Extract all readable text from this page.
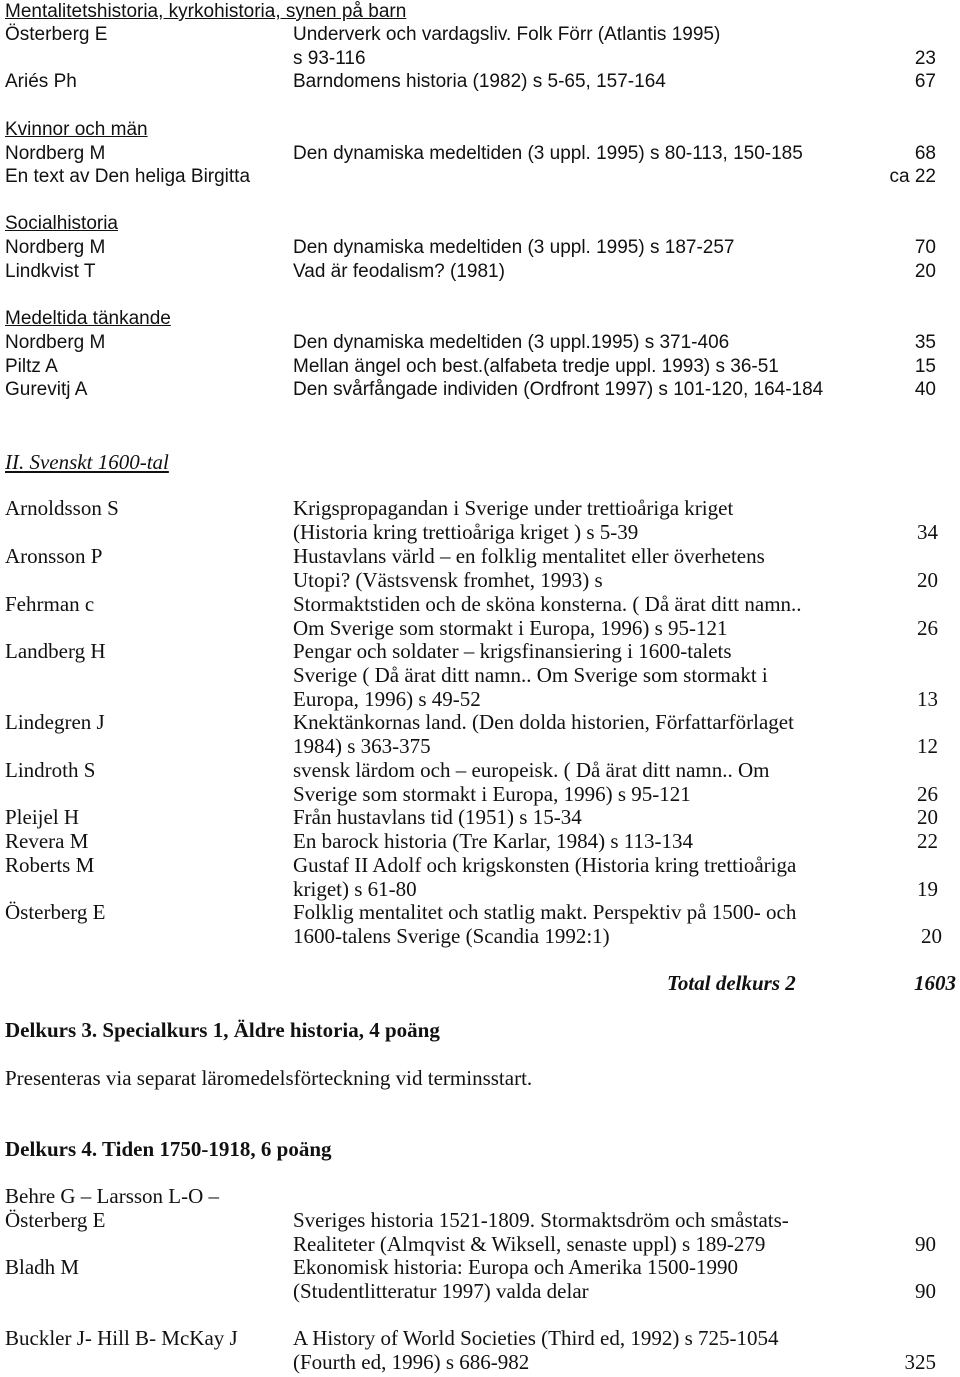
Mentalitetshistoria, kyrkohistoria, synen på barn
Österberg E	Underverk och vardagsliv. Folk Förr (Atlantis 1995)
s 93-116	23
Ariés Ph	Barndomens historia (1982) s 5-65, 157-164	67
Kvinnor och män
Nordberg M	Den dynamiska medeltiden (3 uppl. 1995) s 80-113, 150-185	68
En text av Den heliga Birgitta	ca 22
Socialhistoria
Nordberg M	Den dynamiska medeltiden (3 uppl. 1995) s 187-257	70
Lindkvist T	Vad är feodalism? (1981)	20
Medeltida tänkande
Nordberg M	Den dynamiska medeltiden (3 uppl.1995) s 371-406	35
Piltz A	Mellan ängel och best.(alfabeta tredje uppl. 1993) s 36-51	15
Gurevitj A	Den svårfångade individen (Ordfront 1997) s 101-120, 164-184	40
II. Svenskt 1600-tal
Arnoldsson S	Krigspropagandan i Sverige under trettioåriga kriget
(Historia kring trettioåriga kriget ) s 5-39	34
Aronsson P	Hustavlans värld – en folklig mentalitet eller överhetens
Utopi? (Västsvensk fromhet, 1993) s	20
Fehrman c	Stormaktstiden och de sköna konsterna. ( Då ärat ditt namn..
Om Sverige som stormakt i Europa, 1996) s 95-121	26
Landberg H	Pengar och soldater – krigsfinansiering i 1600-talets
Sverige ( Då ärat ditt namn.. Om Sverige som stormakt i
Europa, 1996) s 49-52	13
Lindegren J	Knektänkornas land. (Den dolda historien, Författarförlaget
1984) s 363-375	12
Lindroth S	svensk lärdom och – europeisk. ( Då ärat ditt namn.. Om
Sverige som stormakt i Europa, 1996) s 95-121	26
Pleijel H	Från hustavlans tid (1951) s 15-34	20
Revera M	En barock historia (Tre Karlar, 1984) s 113-134	22
Roberts M	Gustaf II Adolf och krigskonsten (Historia kring trettioåriga
kriget) s 61-80	19
Österberg E	Folklig mentalitet och statlig makt. Perspektiv på 1500- och
1600-talens Sverige (Scandia 1992:1)	20
Total delkurs 2	1603
Delkurs 3. Specialkurs 1, Äldre historia, 4 poäng
Presenteras via separat läromedelsförteckning vid terminsstart.
Delkurs 4. Tiden 1750-1918, 6 poäng
Behre G – Larsson L-O –
Österberg E	Sveriges historia 1521-1809. Stormaktsdröm och småstats-
Realiteter (Almqvist & Wiksell, senaste uppl) s 189-279	90
Bladh M	Ekonomisk historia: Europa och Amerika 1500-1990
(Studentlitteratur 1997) valda delar	90
Buckler J- Hill B- McKay J	A History of World Societies (Third ed, 1992) s 725-1054
(Fourth ed, 1996) s 686-982	325
